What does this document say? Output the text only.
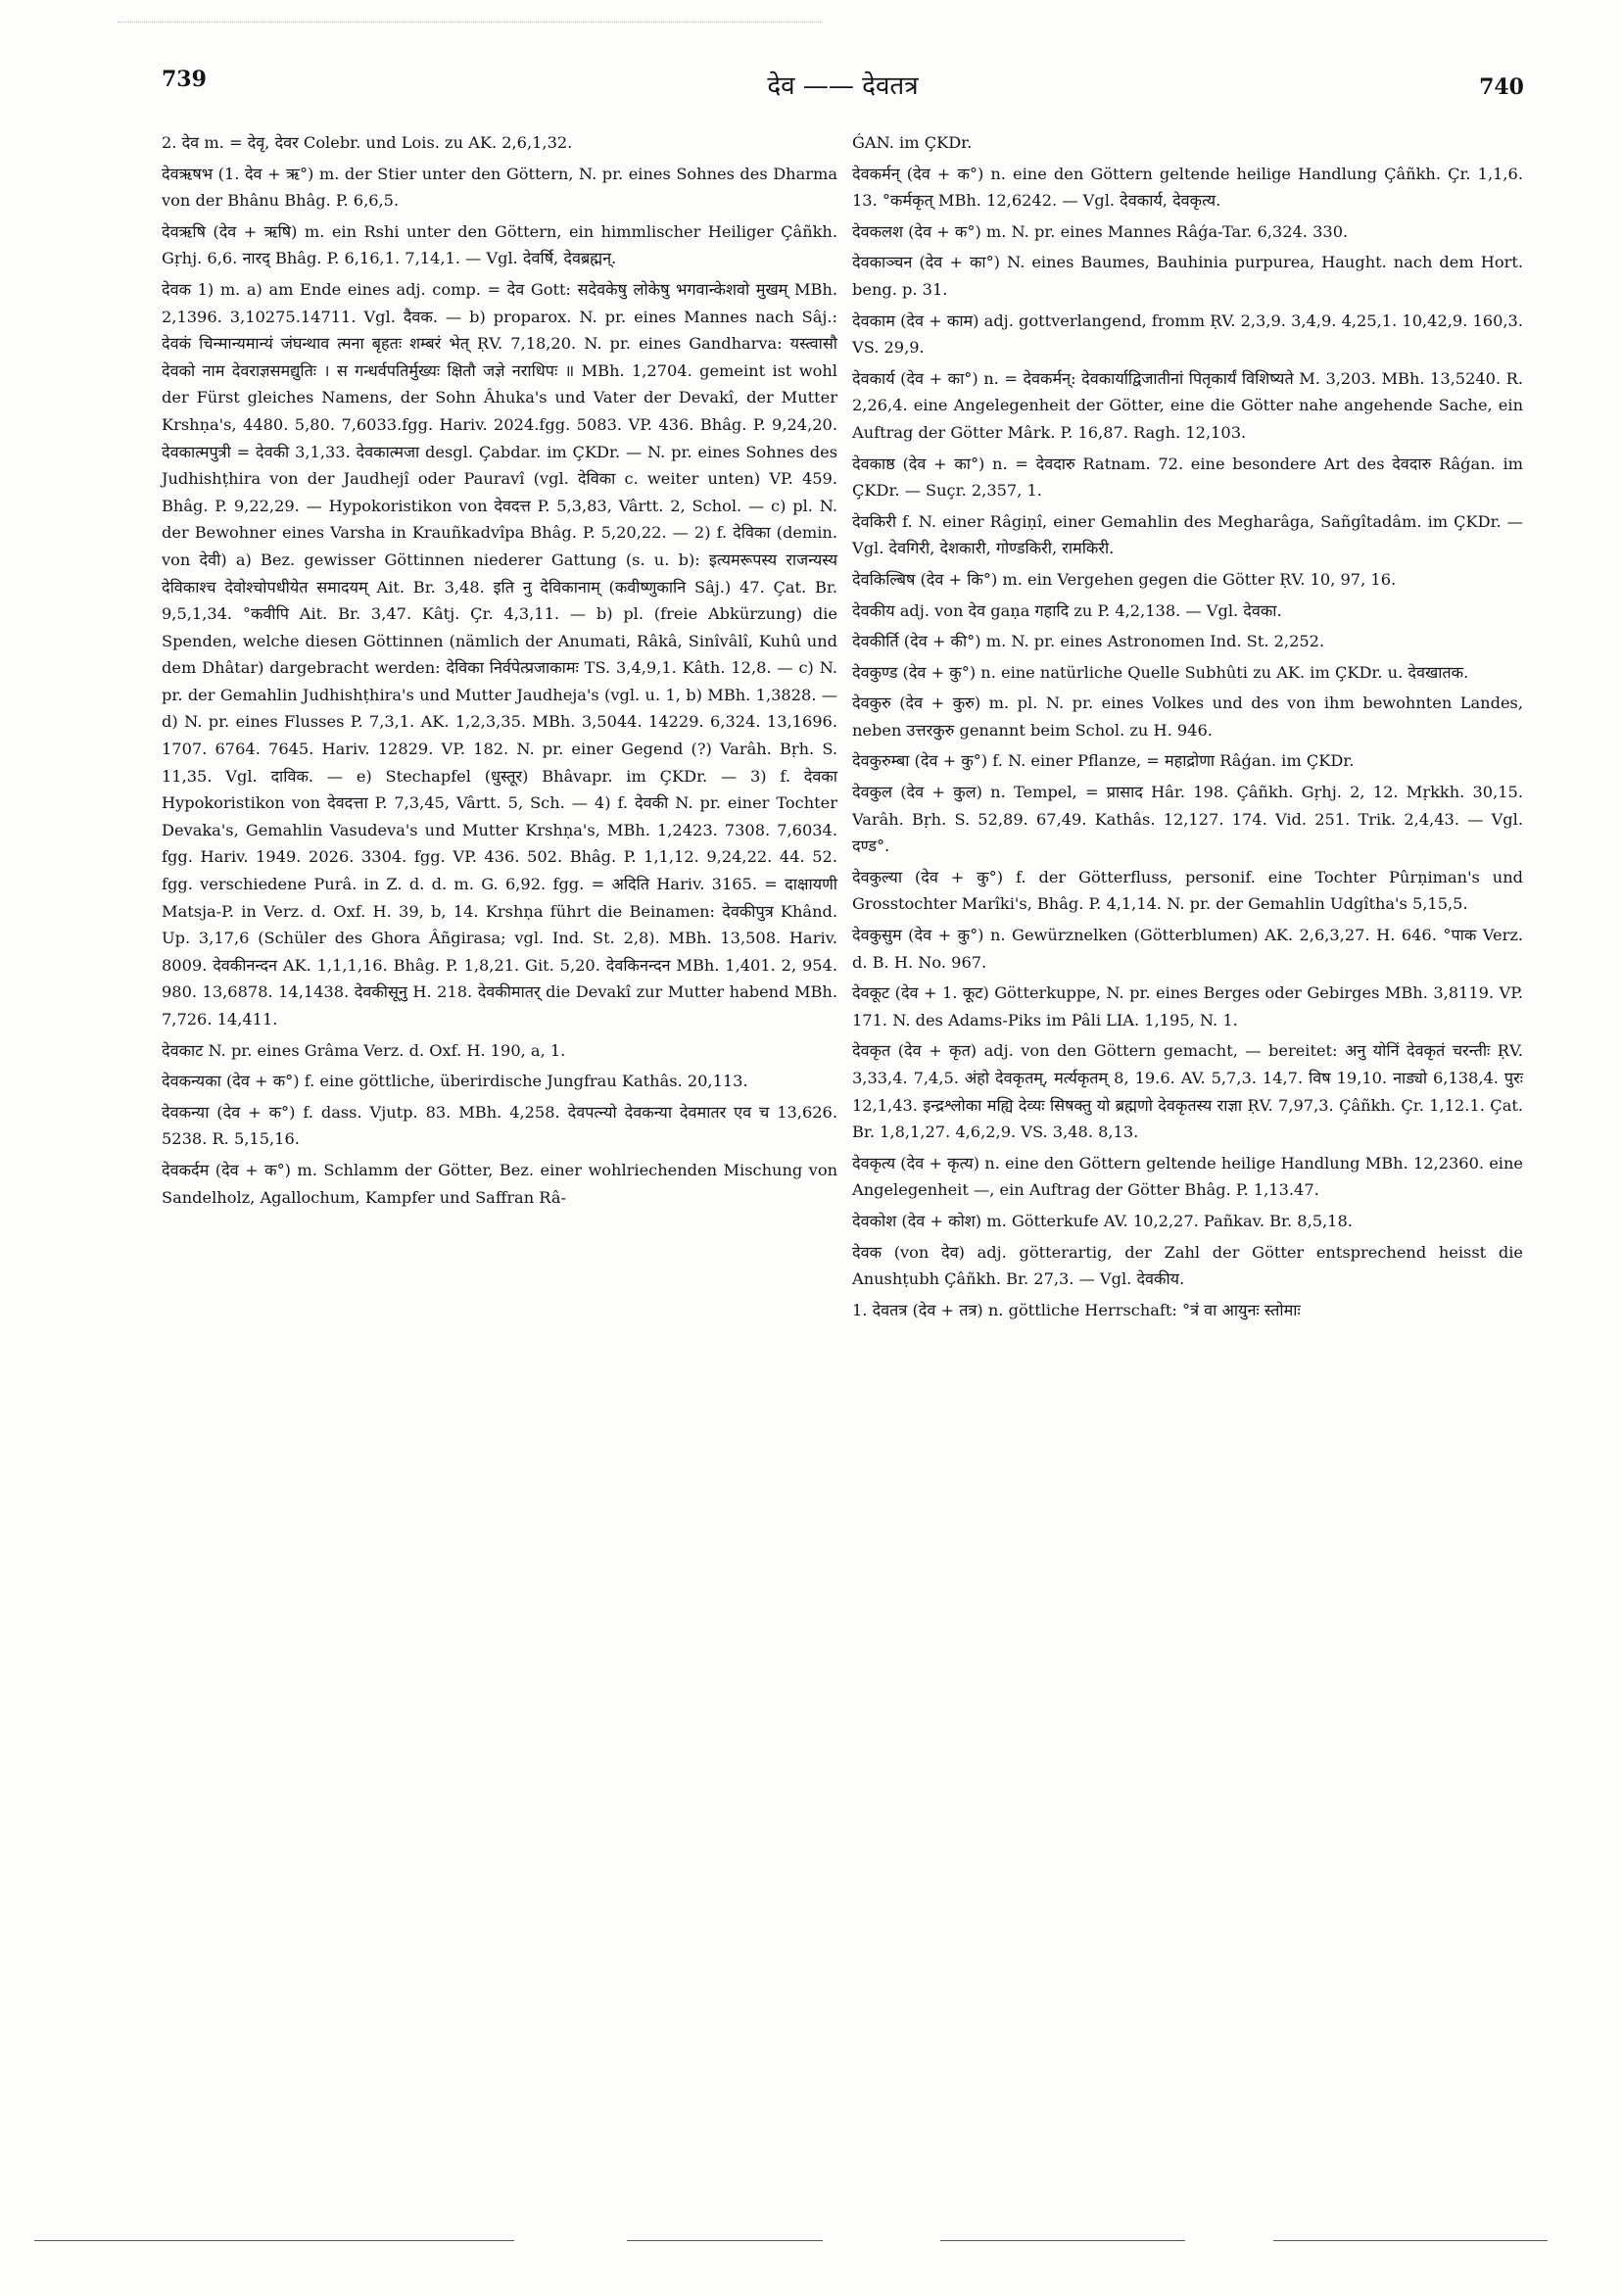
739	देव —— देवतत्र	740

2. देव m. = देवृ, देवर Colebr. und Lois. zu AK. 2,6,1,32.

देवऋषभ (1. देव + ऋ°) m. der Stier unter den Göttern, N. pr. eines Sohnes des Dharma von der Bhânu Bhâg. P. 6,6,5.

देवऋषि (देव + ऋषि) m. ein Rshi unter den Göttern, ein himmlischer Heiliger Çâñkh. Gṛhj. 6,6. नारद् Bhâg. P. 6,16,1. 7,14,1. — Vgl. देवर्षि, देवब्रह्मन्.

देवक 1) m. a) am Ende eines adj. comp. = देव Gott: सदेवकेषु लोकेषु भगवान्केशवो मुखम् MBh. 2,1396. 3,10275.14711. Vgl. दैवक. — b) proparox. N. pr. eines Mannes nach Sâj.: देवकं चिन्मान्यमान्यं जंघन्थाव त्मना बृहतः शम्बरं भेत् ṚV. 7,18,20. N. pr. eines Gandharva: यस्त्वासौ देवको नाम देवराज्ञसमद्युतिः । स गन्धर्वपतिर्मुख्यः क्षितौ जज्ञे नराधिपः ॥ MBh. 1,2704. gemeint ist wohl der Fürst gleiches Namens, der Sohn Âhuka's und Vater der Devakî, der Mutter Krshṇa's, 4480. 5,80. 7,6033.fgg. Hariv. 2024.fgg. 5083. VP. 436. Bhâg. P. 9,24,20. देवकात्मपुत्री = देवकी 3,1,33. देवकात्मजा desgl. Çabdar. im ÇKDr. — N. pr. eines Sohnes des Judhishṭhira von der Jaudhejî oder Pauravî (vgl. देविका c. weiter unten) VP. 459. Bhâg. P. 9,22,29. — Hypokoristikon von देवदत्त P. 5,3,83, Vârtt. 2, Schol. — c) pl. N. der Bewohner eines Varsha in Krauñkadvîpa Bhâg. P. 5,20,22. — 2) f. देविका (demin. von देवी) a) Bez. gewisser Göttinnen niederer Gattung (s. u. b): इत्यमरूपस्य राजन्यस्य देविकाश्च देवोश्चोपधीयेत समादयम् Ait. Br. 3,48. इति नु देविकानाम् (कवीष्णुकानि Sâj.) 47. Çat. Br. 9,5,1,34. °कवीपि Ait. Br. 3,47. Kâtj. Çr. 4,3,11. — b) pl. (freie Abkürzung) die Spenden, welche diesen Göttinnen (nämlich der Anumati, Râkâ, Sinîvâlî, Kuhû und dem Dhâtar) dargebracht werden: देविका निर्वपेत्प्रजाकामः TS. 3,4,9,1. Kâth. 12,8. — c) N. pr. der Gemahlin Judhishṭhira's und Mutter Jaudheja's (vgl. u. 1, b) MBh. 1,3828. — d) N. pr. eines Flusses P. 7,3,1. AK. 1,2,3,35. MBh. 3,5044. 14229. 6,324. 13,1696. 1707. 6764. 7645. Hariv. 12829. VP. 182. N. pr. einer Gegend (?) Varâh. Bṛh. S. 11,35. Vgl. दाविक. — e) Stechapfel (धुस्तूर) Bhâvapr. im ÇKDr. — 3) f. देवका Hypokoristikon von देवदत्ता P. 7,3,45, Vârtt. 5, Sch. — 4) f. देवकी N. pr. einer Tochter Devaka's, Gemahlin Vasudeva's und Mutter Krshṇa's, MBh. 1,2423. 7308. 7,6034. fgg. Hariv. 1949. 2026. 3304. fgg. VP. 436. 502. Bhâg. P. 1,1,12. 9,24,22. 44. 52. fgg. verschiedene Purâ. in Z. d. d. m. G. 6,92. fgg. = अदिति Hariv. 3165. = दाक्षायणी Matsja-P. in Verz. d. Oxf. H. 39, b, 14. Krshṇa führt die Beinamen: देवकीपुत्र Khând. Up. 3,17,6 (Schüler des Ghora Âñgirasa; vgl. Ind. St. 2,8). MBh. 13,508. Hariv. 8009. देवकीनन्दन AK. 1,1,1,16. Bhâg. P. 1,8,21. Git. 5,20. देवकिनन्दन MBh. 1,401. 2, 954. 980. 13,6878. 14,1438. देवकीसूनु H. 218. देवकीमातर् die Devakî zur Mutter habend MBh. 7,726. 14,411.

देवकाट N. pr. eines Grâma Verz. d. Oxf. H. 190, a, 1.

देवकन्यका (देव + क°) f. eine göttliche, überirdische Jungfrau Kathâs. 20,113.

देवकन्या (देव + क°) f. dass. Vjutp. 83. MBh. 4,258. देवपत्न्यो देवकन्या देवमातर एव च 13,626. 5238. R. 5,15,16.

देवकर्दम (देव + क°) m. Schlamm der Götter, Bez. einer wohlriechenden Mischung von Sandelholz, Agallochum, Kampfer und Saffran Râ-

ǴAN. im ÇKDr.

देवकर्मन् (देव + क°) n. eine den Göttern geltende heilige Handlung Çâñkh. Çr. 1,1,6. 13. °कर्मकृत् MBh. 12,6242. — Vgl. देवकार्य, देवकृत्य.

देवकलश (देव + क°) m. N. pr. eines Mannes Râǵa-Tar. 6,324. 330.

देवकाञ्चन (देव + का°) N. eines Baumes, Bauhinia purpurea, Haught. nach dem Hort. beng. p. 31.

देवकाम (देव + काम) adj. gottverlangend, fromm ṚV. 2,3,9. 3,4,9. 4,25,1. 10,42,9. 160,3. VS. 29,9.

देवकार्य (देव + का°) n. = देवकर्मन्: देवकार्याद्विजातीनां पितृकार्यं विशिष्यते M. 3,203. MBh. 13,5240. R. 2,26,4. eine Angelegenheit der Götter, eine die Götter nahe angehende Sache, ein Auftrag der Götter Mârk. P. 16,87. Ragh. 12,103.

देवकाष्ठ (देव + का°) n. = देवदारु Ratnam. 72. eine besondere Art des देवदारु Râǵan. im ÇKDr. — Suçr. 2,357, 1.

देवकिरी f. N. einer Râgiṇî, einer Gemahlin des Megharâga, Sañgîtadâm. im ÇKDr. — Vgl. देवगिरी, देशकारी, गोण्डकिरी, रामकिरी.

देवकिल्बिष (देव + कि°) m. ein Vergehen gegen die Götter ṚV. 10, 97, 16.

देवकीय adj. von देव gaṇa गहादि zu P. 4,2,138. — Vgl. देवका.

देवकीर्ति (देव + की°) m. N. pr. eines Astronomen Ind. St. 2,252.

देवकुण्ड (देव + कु°) n. eine natürliche Quelle Subhûti zu AK. im ÇKDr. u. देवखातक.

देवकुरु (देव + कुरु) m. pl. N. pr. eines Volkes und des von ihm bewohnten Landes, neben उत्तरकुरु genannt beim Schol. zu H. 946.

देवकुरुम्बा (देव + कु°) f. N. einer Pflanze, = महाद्रोणा Râǵan. im ÇKDr.

देवकुल (देव + कुल) n. Tempel, = प्रासाद Hâr. 198. Çâñkh. Gṛhj. 2, 12. Mṛkkh. 30,15. Varâh. Bṛh. S. 52,89. 67,49. Kathâs. 12,127. 174. Vid. 251. Trik. 2,4,43. — Vgl. दण्ड°.

देवकुल्या (देव + कु°) f. der Götterfluss, personif. eine Tochter Pûrṇiman's und Grosstochter Marîki's, Bhâg. P. 4,1,14. N. pr. der Gemahlin Udgîtha's 5,15,5.

देवकुसुम (देव + कु°) n. Gewürznelken (Götterblumen) AK. 2,6,3,27. H. 646. °पाक Verz. d. B. H. No. 967.

देवकूट (देव + 1. कूट) Götterkuppe, N. pr. eines Berges oder Gebirges MBh. 3,8119. VP. 171. N. des Adams-Piks im Pâli LIA. 1,195, N. 1.

देवकृत (देव + कृत) adj. von den Göttern gemacht, — bereitet: अनु योनिं देवकृतं चरन्तीः ṚV. 3,33,4. 7,4,5. अंहो देवकृतम्, मर्त्यकृतम् 8, 19.6. AV. 5,7,3. 14,7. विष 19,10. नाड्यो 6,138,4. पुरः 12,1,43. इन्द्रश्लोका मह्यि देव्यः सिषक्तु यो ब्रह्मणो देवकृतस्य राज्ञा ṚV. 7,97,3. Çâñkh. Çr. 1,12.1. Çat. Br. 1,8,1,27. 4,6,2,9. VS. 3,48. 8,13.

देवकृत्य (देव + कृत्य) n. eine den Göttern geltende heilige Handlung MBh. 12,2360. eine Angelegenheit —, ein Auftrag der Götter Bhâg. P. 1,13.47.

देवकोश (देव + कोश) m. Götterkufe AV. 10,2,27. Pañkav. Br. 8,5,18.

देवक (von देव) adj. götterartig, der Zahl der Götter entsprechend heisst die Anushṭubh Çâñkh. Br. 27,3. — Vgl. देवकीय.

1. देवतत्र (देव + तत्र) n. göttliche Herrschaft: °त्रं वा आयुनः स्तोमाः
